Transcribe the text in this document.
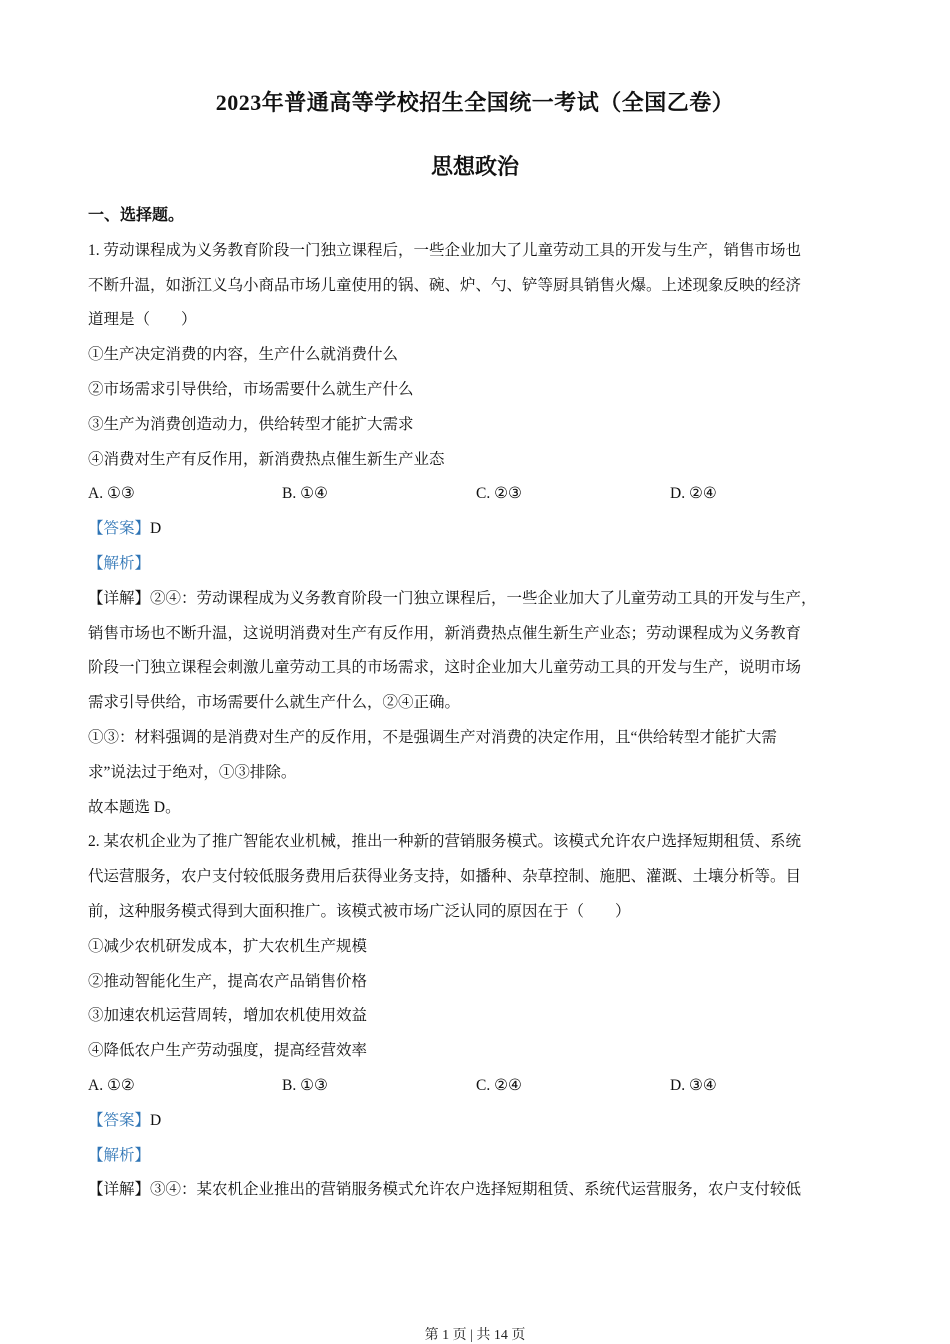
2023年普通高等学校招生全国统一考试（全国乙卷）
思想政治
一、选择题。
1. 劳动课程成为义务教育阶段一门独立课程后，一些企业加大了儿童劳动工具的开发与生产，销售市场也
不断升温，如浙江义乌小商品市场儿童使用的锅、碗、炉、勺、铲等厨具销售火爆。上述现象反映的经济
道理是（　　）
①生产决定消费的内容，生产什么就消费什么
②市场需求引导供给，市场需要什么就生产什么
③生产为消费创造动力，供给转型才能扩大需求
④消费对生产有反作用，新消费热点催生新生产业态
A. ①③	B. ①④	C. ②③	D. ②④
【答案】D
【解析】
【详解】②④：劳动课程成为义务教育阶段一门独立课程后，一些企业加大了儿童劳动工具的开发与生产，
销售市场也不断升温，这说明消费对生产有反作用，新消费热点催生新生产业态；劳动课程成为义务教育
阶段一门独立课程会刺激儿童劳动工具的市场需求，这时企业加大儿童劳动工具的开发与生产，说明市场
需求引导供给，市场需要什么就生产什么，②④正确。
①③：材料强调的是消费对生产的反作用，不是强调生产对消费的决定作用，且“供给转型才能扩大需
求”说法过于绝对，①③排除。
故本题选 D。
2. 某农机企业为了推广智能农业机械，推出一种新的营销服务模式。该模式允许农户选择短期租赁、系统
代运营服务，农户支付较低服务费用后获得业务支持，如播种、杂草控制、施肥、灌溉、土壤分析等。目
前，这种服务模式得到大面积推广。该模式被市场广泛认同的原因在于（　　）
①减少农机研发成本，扩大农机生产规模
②推动智能化生产，提高农产品销售价格
③加速农机运营周转，增加农机使用效益
④降低农户生产劳动强度，提高经营效率
A. ①②	B. ①③	C. ②④	D. ③④
【答案】D
【解析】
【详解】③④：某农机企业推出的营销服务模式允许农户选择短期租赁、系统代运营服务，农户支付较低
第 1 页 | 共 14 页
